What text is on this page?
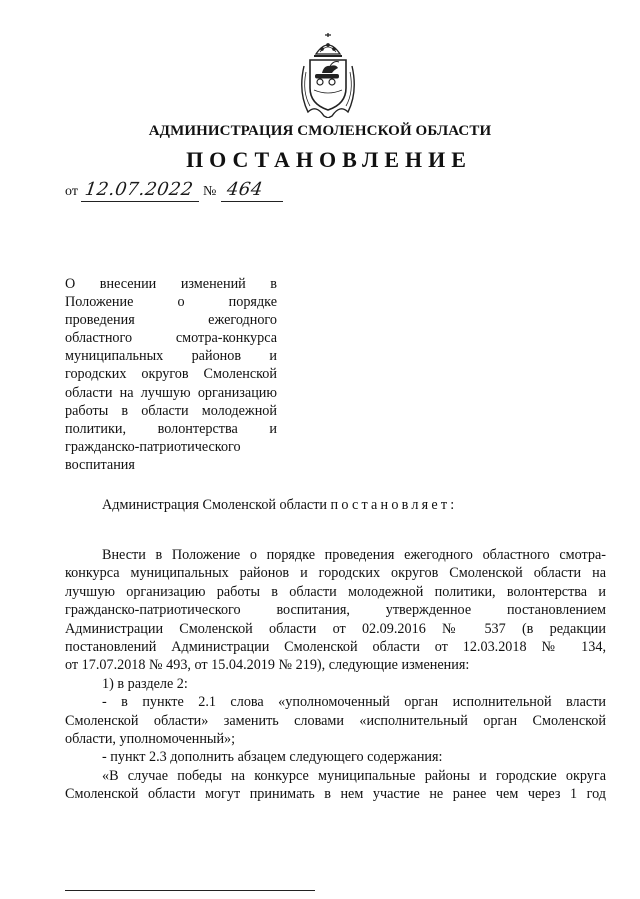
АДМИНИСТРАЦИЯ СМОЛЕНСКОЙ ОБЛАСТИ
ПОСТАНОВЛЕНИЕ
от 12.07.2022 № 464
О внесении изменений в
Положение о порядке
проведения ежегодного
областного смотра-конкурса
муниципальных районов и
городских округов Смоленской
области на лучшую организацию
работы в области молодежной
политики, волонтерства и
гражданско-патриотического
воспитания
Администрация Смоленской области постановляет:
Внести в Положение о порядке проведения ежегодного областного смотра-
конкурса муниципальных районов и городских округов Смоленской области на
лучшую организацию работы в области молодежной политики, волонтерства и
гражданско-патриотического воспитания, утвержденное постановлением
Администрации Смоленской области от 02.09.2016 № 537 (в редакции
постановлений Администрации Смоленской области от 12.03.2018 № 134,
от 17.07.2018 № 493, от 15.04.2019 № 219), следующие изменения:
1) в разделе 2:
- в пункте 2.1 слова «уполномоченный орган исполнительной власти
Смоленской области» заменить словами «исполнительный орган Смоленской
области, уполномоченный»;
- пункт 2.3 дополнить абзацем следующего содержания:
«В случае победы на конкурсе муниципальные районы и городские округа
Смоленской области могут принимать в нем участие не ранее чем через 1 год
